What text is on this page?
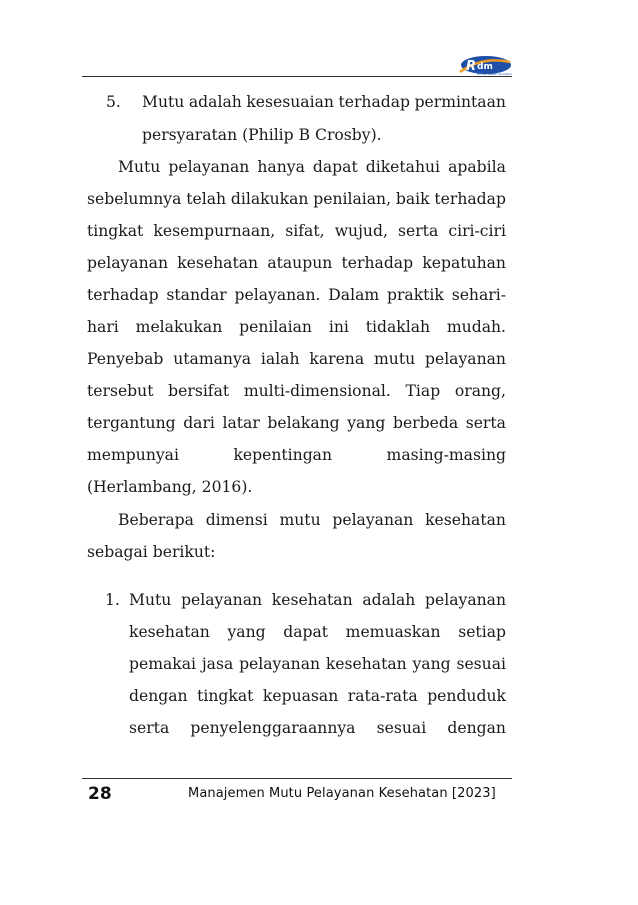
R dm
for the better education
5. Mutu adalah kesesuaian terhadap permintaan
persyaratan (Philip B Crosby).
Mutu pelayanan hanya dapat diketahui apabila
sebelumnya telah dilakukan penilaian, baik terhadap
tingkat kesempurnaan, sifat, wujud, serta ciri-ciri
pelayanan kesehatan ataupun terhadap kepatuhan
terhadap standar pelayanan. Dalam praktik sehari-
hari melakukan penilaian ini tidaklah mudah.
Penyebab utamanya ialah karena mutu pelayanan
tersebut bersifat multi-dimensional. Tiap orang,
tergantung dari latar belakang yang berbeda serta
mempunyai	kepentingan	masing-masing
(Herlambang, 2016).
Beberapa dimensi mutu pelayanan kesehatan
sebagai berikut:
1. Mutu pelayanan kesehatan adalah pelayanan
kesehatan yang dapat memuaskan setiap
pemakai jasa pelayanan kesehatan yang sesuai
dengan tingkat kepuasan rata-rata penduduk
serta penyelenggaraannya sesuai dengan
28	Manajemen Mutu Pelayanan Kesehatan [2023]
